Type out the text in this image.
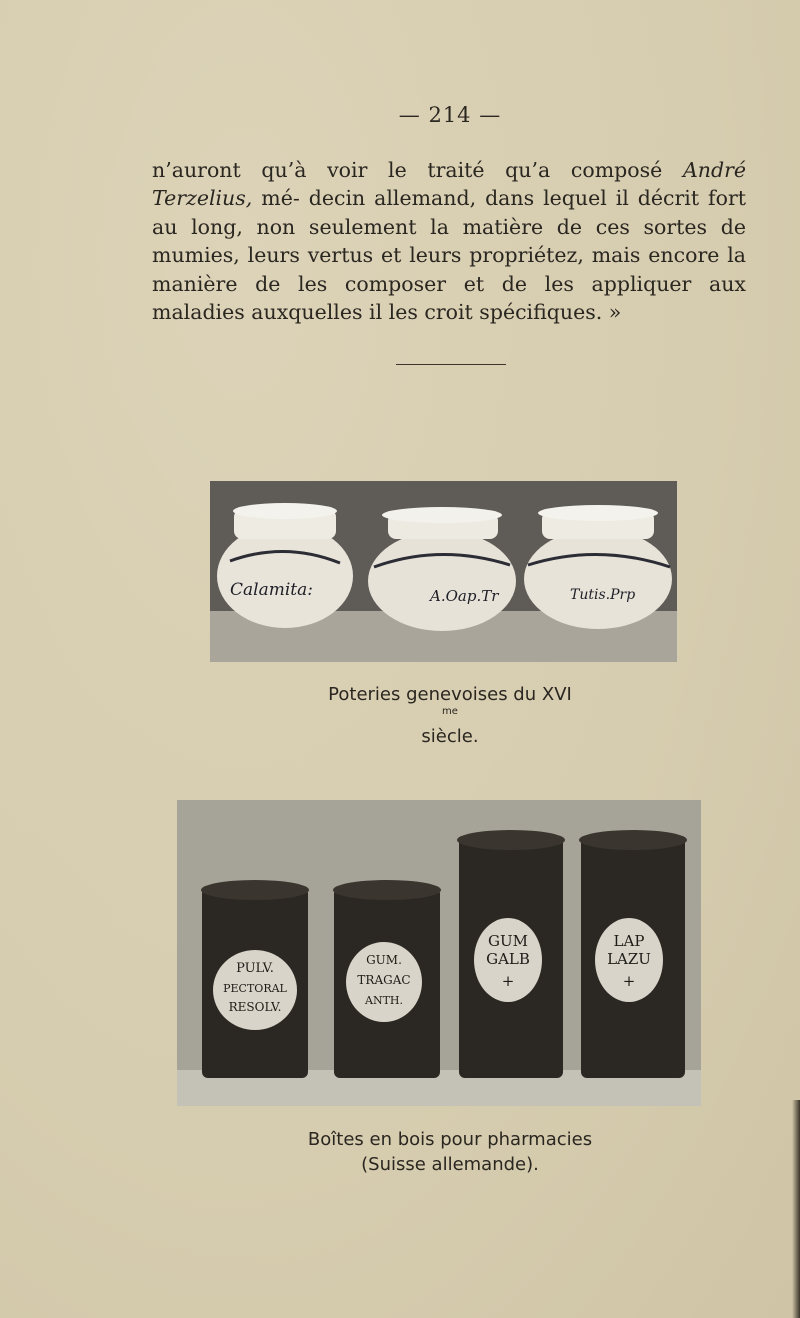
— 214 —

n’auront qu’à voir le traité qu’a composé André Terzelius, mé- decin allemand, dans lequel il décrit fort au long, non seulement la matière de ces sortes de mumies, leurs vertus et leurs propriétez, mais encore la manière de les composer et de les appliquer aux maladies auxquelles il les croit spécifiques. »

Calamita:	A.Oap.Tr	Tutis.Prp
Poteries genevoises du $XVI^{me}siècle$.
PULV.
PECTORAL
RESOLV.
GUM.
TRAGAC
ANTH.
GUM
GALB
+
LAP
LAZU
+
Boîtes en bois pour pharmacies
(Suisse allemande).
